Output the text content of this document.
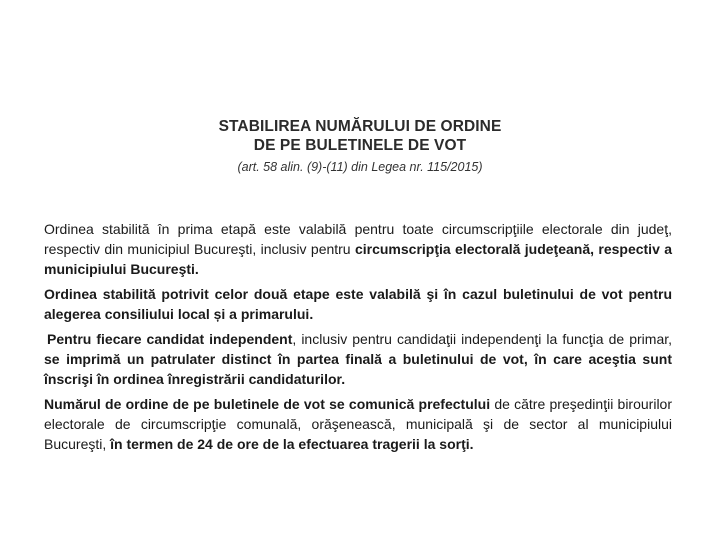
STABILIREA NUMĂRULUI DE ORDINE
DE PE BULETINELE DE VOT
(art. 58 alin. (9)-(11) din Legea nr. 115/2015)

Ordinea stabilită în prima etapă este valabilă pentru toate circumscripţiile electorale din judeţ, respectiv din municipiul Bucureşti, inclusiv pentru circumscripţia electorală judeţeană, respectiv a municipiului Bucureşti.

Ordinea stabilită potrivit celor două etape este valabilă şi în cazul buletinului de vot pentru alegerea consiliului local și a primarului.

Pentru fiecare candidat independent, inclusiv pentru candidaţii independenţi la funcţia de primar, se imprimă un patrulater distinct în partea finală a buletinului de vot, în care aceştia sunt înscrişi în ordinea înregistrării candidaturilor.

Numărul de ordine de pe buletinele de vot se comunică prefectului de către preşedinţii birourilor electorale de circumscripţie comunală, orăşenească, municipală şi de sector al municipiului Bucureşti, în termen de 24 de ore de la efectuarea tragerii la sorţi.
